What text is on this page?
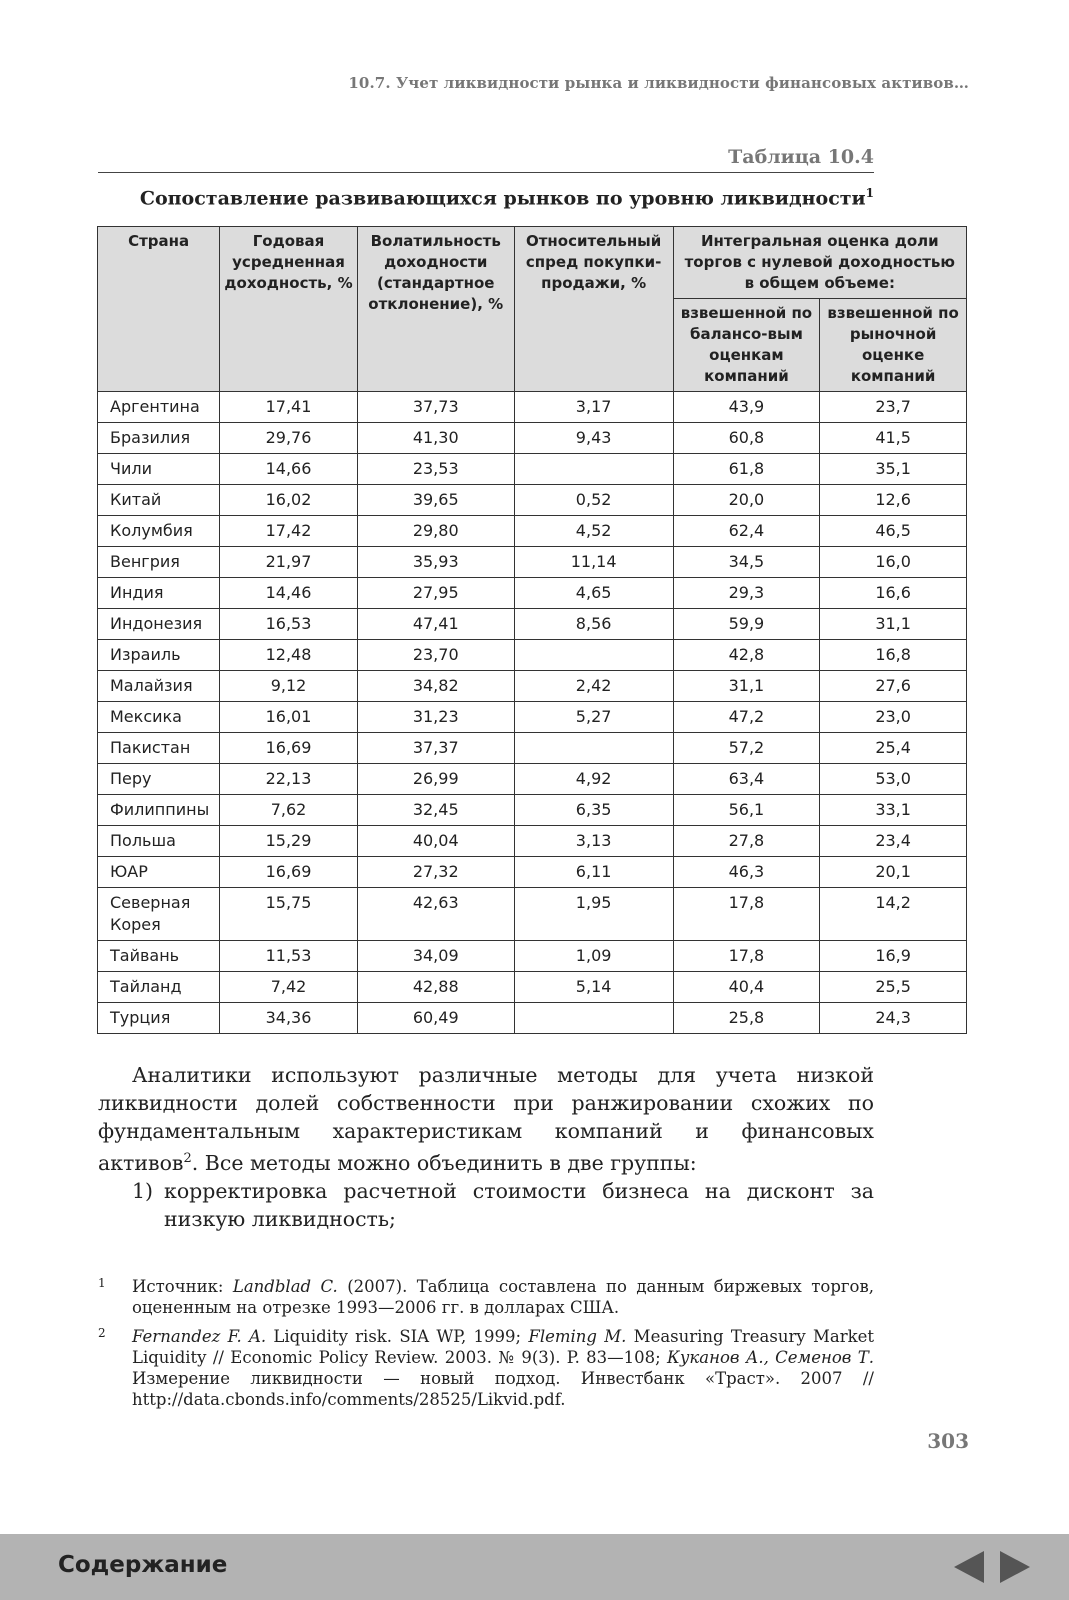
10.7. Учет ликвидности рынка и ликвидности финансовых активов…
Таблица 10.4
Сопоставление развивающихся рынков по уровню ликвидности$^1$
Страна	Годовая усредненная доходность, %	Волатильность доходности (стандартное отклонение), %	Относительный спред покупки-продажи, %	Интегральная оценка доли торгов с нулевой доходностью в общем объеме:	
				взвешенной по балансо-вым оценкам компаний	взвешенной по рыночной оценке компаний
Аргентина	17,41	37,73	3,17	43,9	23,7
Бразилия	29,76	41,30	9,43	60,8	41,5
Чили	14,66	23,53		61,8	35,1
Китай	16,02	39,65	0,52	20,0	12,6
Колумбия	17,42	29,80	4,52	62,4	46,5
Венгрия	21,97	35,93	11,14	34,5	16,0
Индия	14,46	27,95	4,65	29,3	16,6
Индонезия	16,53	47,41	8,56	59,9	31,1
Израиль	12,48	23,70		42,8	16,8
Малайзия	9,12	34,82	2,42	31,1	27,6
Мексика	16,01	31,23	5,27	47,2	23,0
Пакистан	16,69	37,37		57,2	25,4
Перу	22,13	26,99	4,92	63,4	53,0
Филиппины	7,62	32,45	6,35	56,1	33,1
Польша	15,29	40,04	3,13	27,8	23,4
ЮАР	16,69	27,32	6,11	46,3	20,1
Северная Корея	15,75	42,63	1,95	17,8	14,2
Тайвань	11,53	34,09	1,09	17,8	16,9
Тайланд	7,42	42,88	5,14	40,4	25,5
Турция	34,36	60,49		25,8	24,3

Аналитики используют различные методы для учета низкой ликвидности долей собственности при ранжировании схожих по фундаментальным характеристикам компаний и финансовых активов$^2$. Все методы можно объединить в две группы:

1) корректировка расчетной стоимости бизнеса на дисконт за низкую ликвидность;
1	Источник: Landblad C. (2007). Таблица составлена по данным биржевых торгов, оцененным на отрезке 1993—2006 гг. в долларах США.
2	Fernandez F. A. Liquidity risk. SIA WP, 1999; Fleming M. Measuring Treasury Market Liquidity // Economic Policy Review. 2003. № 9(3). P. 83—108; Куканов А., Семенов Т. Измерение ликвидности — новый подход. Инвестбанк «Траст». 2007 // http://data.cbonds.info/comments/28525/Likvid.pdf.
303
Содержание
